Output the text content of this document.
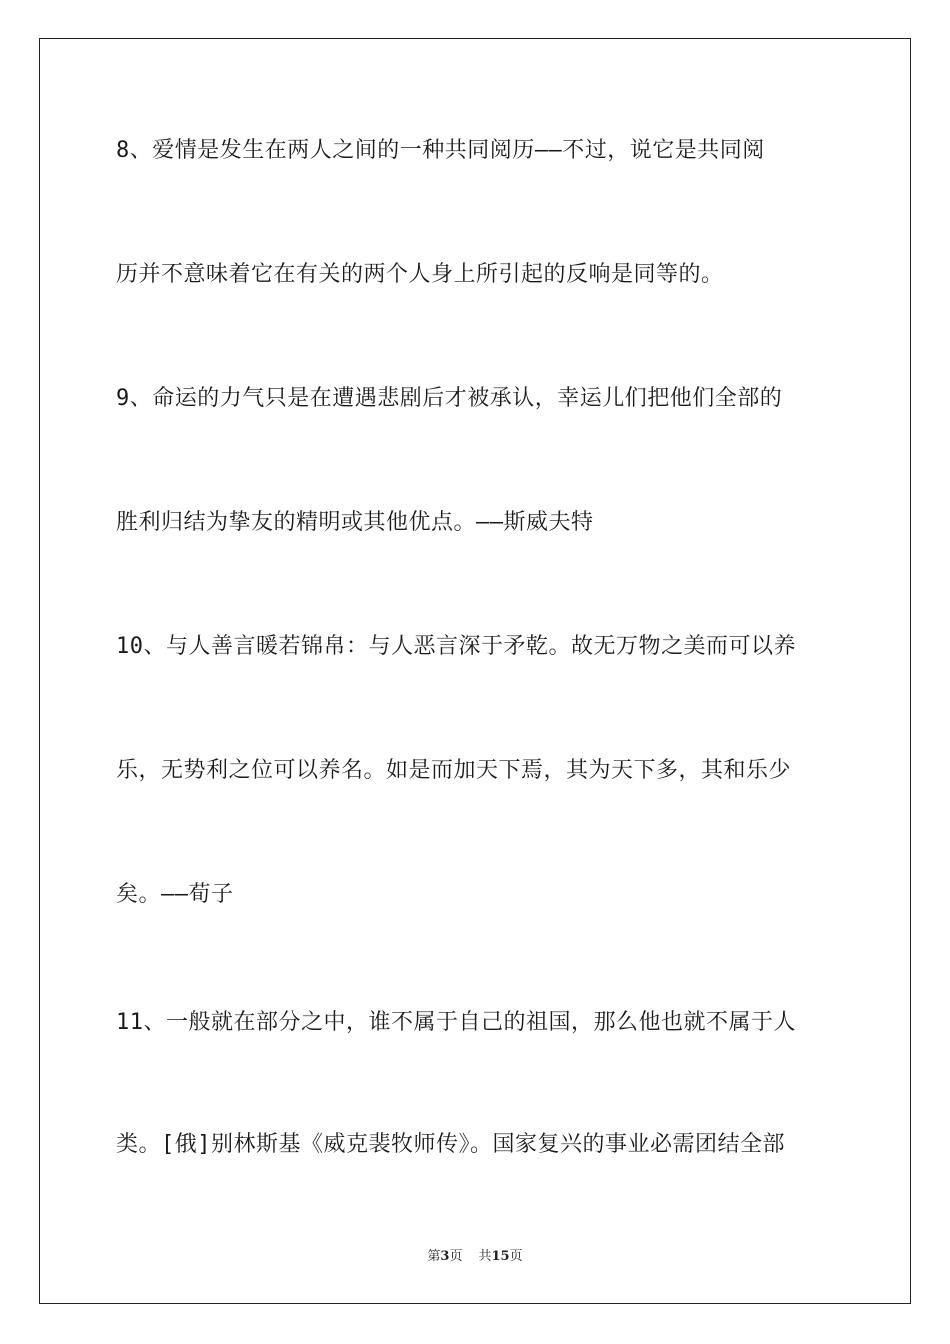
8、爱情是发生在两人之间的一种共同阅历——不过，说它是共同阅
历并不意味着它在有关的两个人身上所引起的反响是同等的。
9、命运的力气只是在遭遇悲剧后才被承认，幸运儿们把他们全部的
胜利归结为挚友的精明或其他优点。——斯威夫特
10、与人善言暖若锦帛：与人恶言深于矛乾。故无万物之美而可以养
乐，无势利之位可以养名。如是而加天下焉，其为天下多，其和乐少
矣。——荀子
11、一般就在部分之中，谁不属于自己的祖国，那么他也就不属于人
类。[俄]别林斯基《威克裴牧师传》。国家复兴的事业必需团结全部
第3页 共15页
